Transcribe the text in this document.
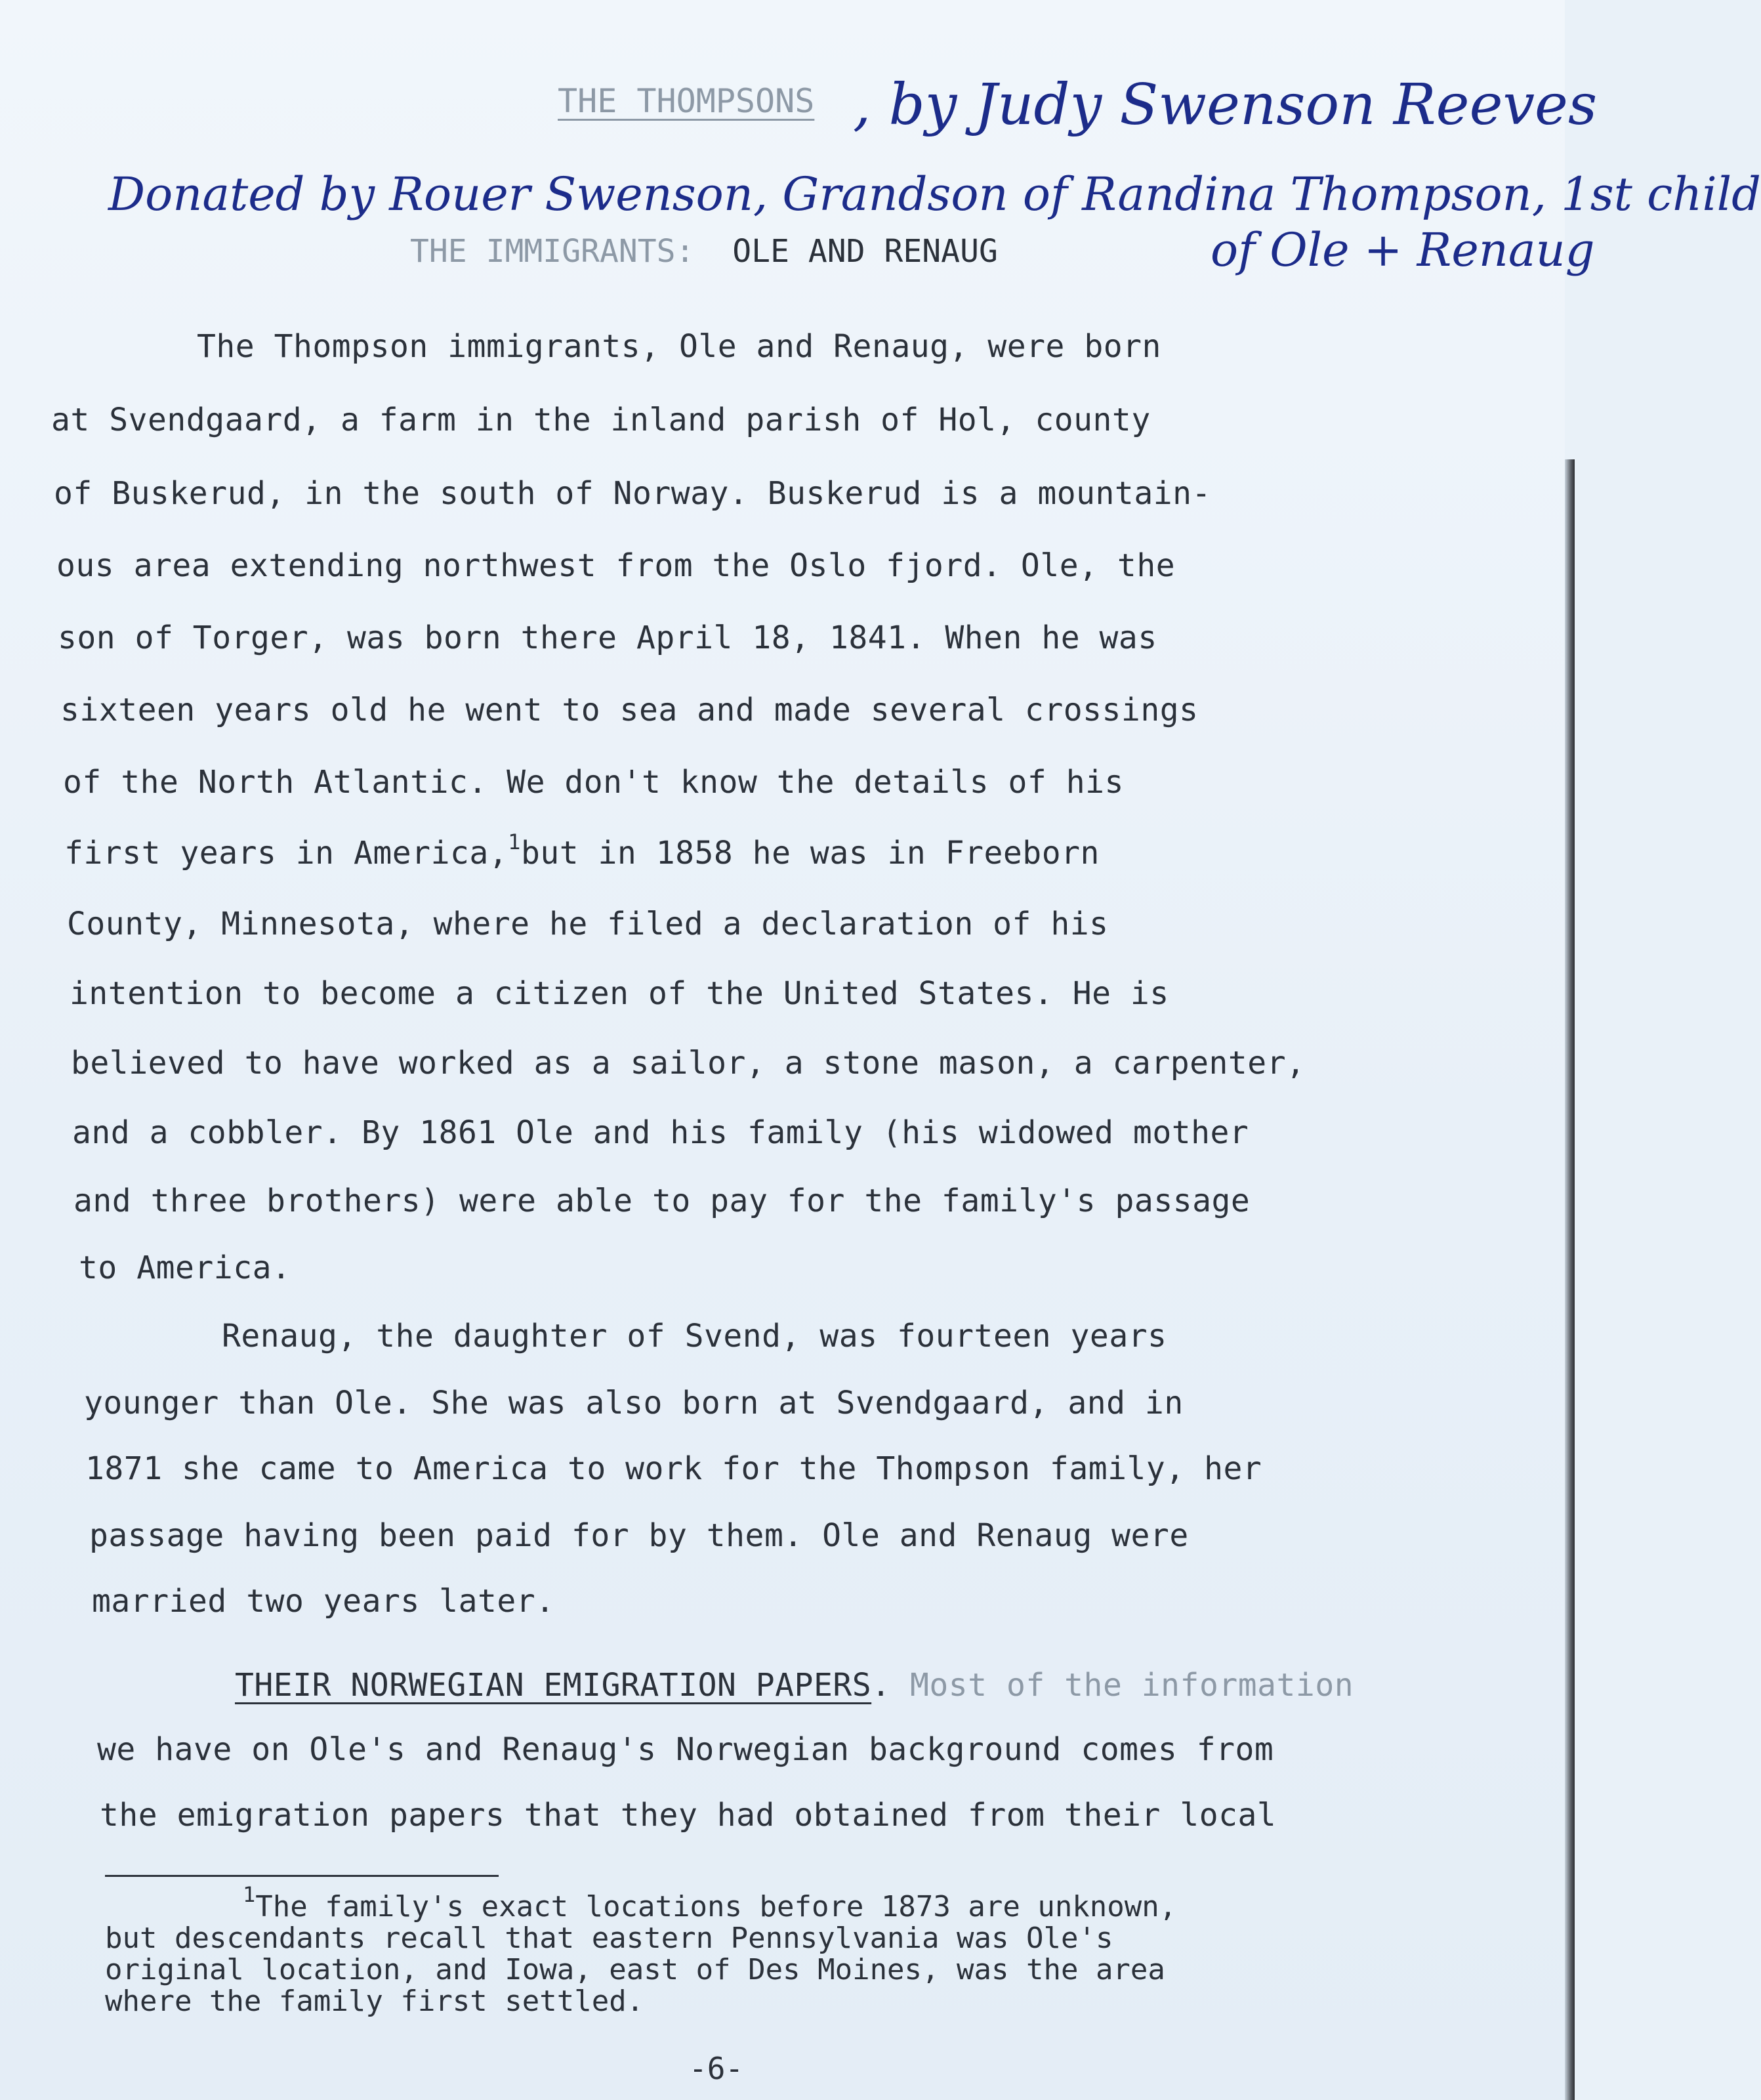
THE THOMPSONS , by Judy Swenson Reeves
Donated by Rouer Swenson, Grandson of Randina Thompson, 1st child
of Ole + Renaug
THE IMMIGRANTS: OLE AND RENAUG
The Thompson immigrants, Ole and Renaug, were born
at Svendgaard, a farm in the inland parish of Hol, county
of Buskerud, in the south of Norway. Buskerud is a mountain-
ous area extending northwest from the Oslo fjord. Ole, the
son of Torger, was born there April 18, 1841. When he was
sixteen years old he went to sea and made several crossings
of the North Atlantic. We don't know the details of his
first years in America,$^1$but in 1858 he was in Freeborn
County, Minnesota, where he filed a declaration of his
intention to become a citizen of the United States. He is
believed to have worked as a sailor, a stone mason, a carpenter,
and a cobbler. By 1861 Ole and his family (his widowed mother
and three brothers) were able to pay for the family's passage
to America.
Renaug, the daughter of Svend, was fourteen years
younger than Ole. She was also born at Svendgaard, and in
1871 she came to America to work for the Thompson family, her
passage having been paid for by them. Ole and Renaug were
married two years later.
THEIR NORWEGIAN EMIGRATION PAPERS. Most of the information
we have on Ole's and Renaug's Norwegian background comes from
the emigration papers that they had obtained from their local
$^1$The family's exact locations before 1873 are unknown,
but descendants recall that eastern Pennsylvania was Ole's
original location, and Iowa, east of Des Moines, was the area
where the family first settled.
-6-
